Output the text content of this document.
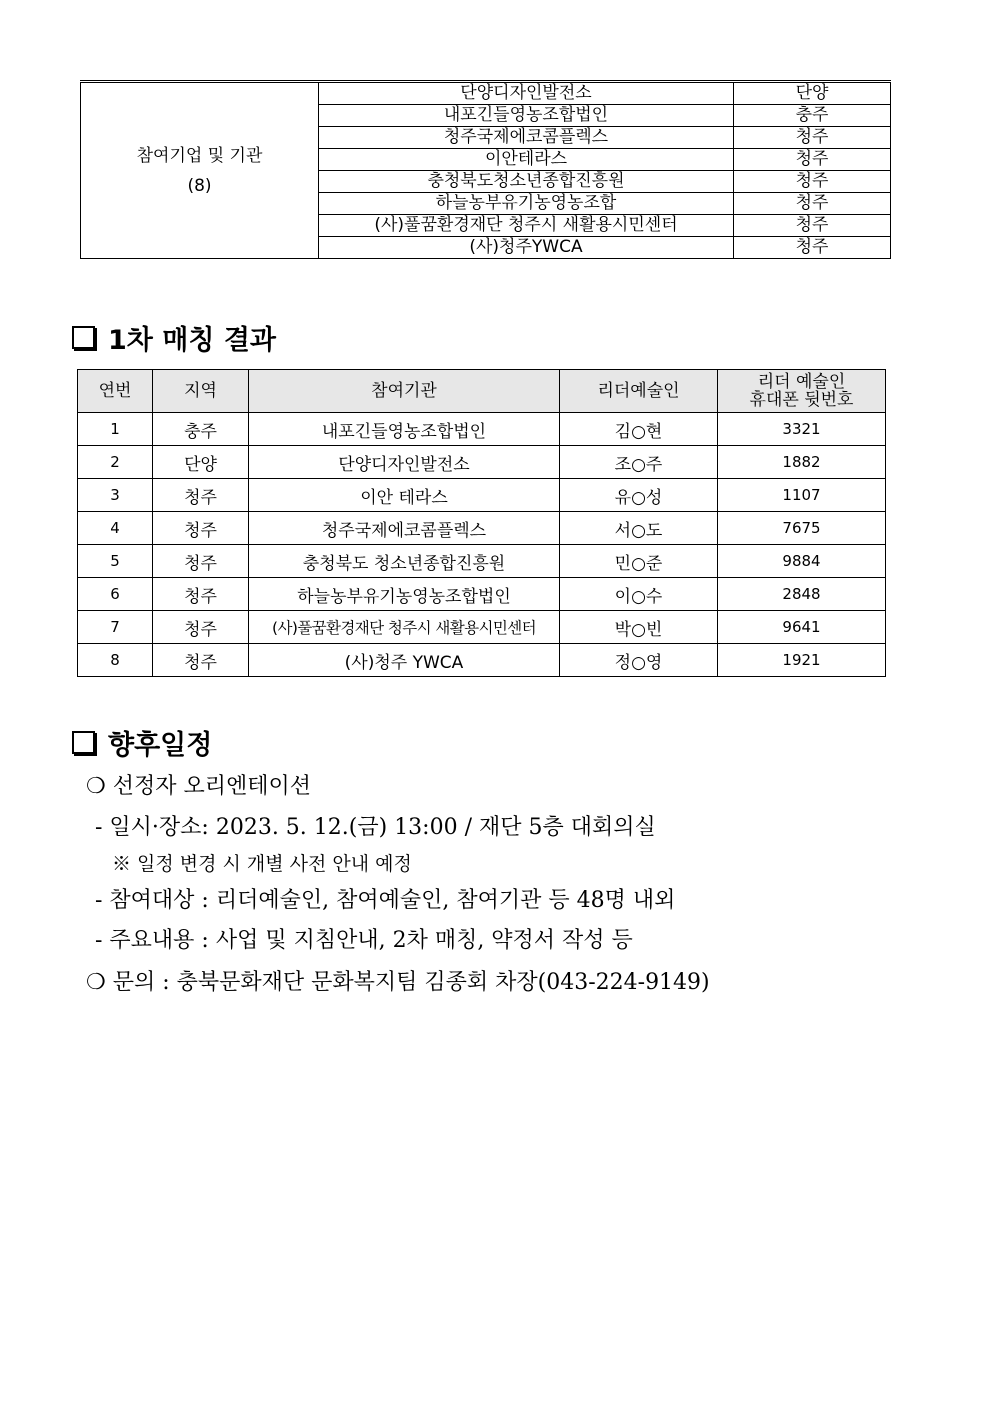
참여기업 및 기관
(8)	단양디자인발전소	단양
	내포긴들영농조합법인	충주
	청주국제에코콤플렉스	청주
	이안테라스	청주
	충청북도청소년종합진흥원	청주
	하늘농부유기농영농조합	청주
	(사)풀꿈환경재단 청주시 새활용시민센터	청주
	(사)청주YWCA	청주
1차 매칭 결과
연번	지역	참여기관	리더예술인	리더 예술인
휴대폰 뒷번호

1	충주	내포긴들영농조합법인	김○현	3321
2	단양	단양디자인발전소	조○주	1882
3	청주	이안 테라스	유○성	1107
4	청주	청주국제에코콤플렉스	서○도	7675
5	청주	충청북도 청소년종합진흥원	민○준	9884
6	청주	하늘농부유기농영농조합법인	이○수	2848
7	청주	(사)풀꿈환경재단 청주시 새활용시민센터	박○빈	9641
8	청주	(사)청주 YWCA	정○영	1921
향후일정
❍ 선정자 오리엔테이션
- 일시·장소: 2023. 5. 12.(금) 13:00 / 재단 5층 대회의실
※ 일정 변경 시 개별 사전 안내 예정
- 참여대상 : 리더예술인, 참여예술인, 참여기관 등 48명 내외
- 주요내용 : 사업 및 지침안내, 2차 매칭, 약정서 작성 등
❍ 문의 : 충북문화재단 문화복지팀 김종회 차장(043-224-9149)
